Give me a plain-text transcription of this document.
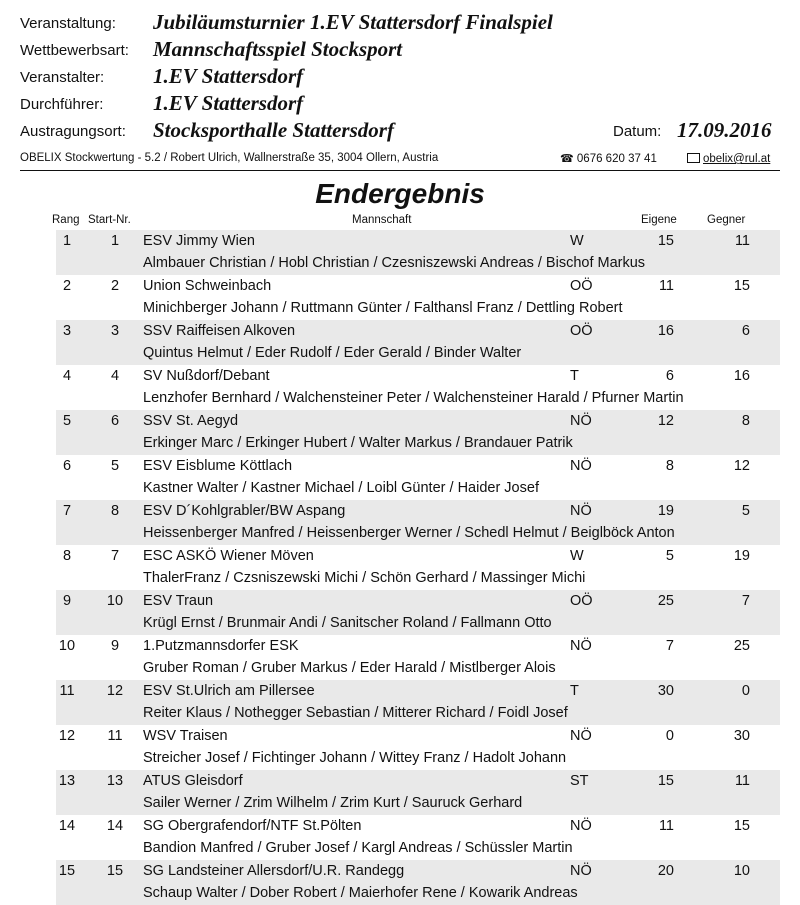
Veranstaltung: Jubiläumsturnier 1.EV Stattersdorf Finalspiel
Wettbewerbsart: Mannschaftsspiel Stocksport
Veranstalter: 1.EV Stattersdorf
Durchführer: 1.EV Stattersdorf
Austragungsort: Stocksporthalle Stattersdorf	Datum: 17.09.2016
OBELIX Stockwertung - 5.2 / Robert Ulrich, Wallnerstraße 35, 3004 Ollern, Austria	☎ 0676 620 37 41	obelix@rul.at
Endergebnis
Rang Start-Nr.	Mannschaft	Eigene	Gegner
1	1	ESV Jimmy Wien	W	15	11
Almbauer Christian / Hobl Christian / Czesniszewski Andreas / Bischof Markus
2	2	Union Schweinbach	OÖ	11	15
Minichberger Johann / Ruttmann Günter / Falthansl Franz / Dettling Robert
3	3	SSV Raiffeisen Alkoven	OÖ	16	6
Quintus Helmut / Eder Rudolf / Eder Gerald / Binder Walter
4	4	SV Nußdorf/Debant	T	6	16
Lenzhofer Bernhard / Walchensteiner Peter / Walchensteiner Harald / Pfurner Martin
5	6	SSV St. Aegyd	NÖ	12	8
Erkinger Marc / Erkinger Hubert / Walter Markus / Brandauer Patrik
6	5	ESV Eisblume Köttlach	NÖ	8	12
Kastner Walter / Kastner Michael / Loibl Günter / Haider Josef
7	8	ESV D´Kohlgrabler/BW Aspang	NÖ	19	5
Heissenberger Manfred / Heissenberger Werner / Schedl Helmut / Beiglböck Anton
8	7	ESC ASKÖ Wiener Möven	W	5	19
ThalerFranz / Czsniszewski Michi / Schön Gerhard / Massinger Michi
9	10	ESV Traun	OÖ	25	7
Krügl Ernst / Brunmair Andi / Sanitscher Roland / Fallmann Otto
10	9	1.Putzmannsdorfer ESK	NÖ	7	25
Gruber Roman / Gruber Markus / Eder Harald / Mistlberger Alois
11	12	ESV St.Ulrich am Pillersee	T	30	0
Reiter Klaus / Nothegger Sebastian / Mitterer Richard / Foidl Josef
12	11	WSV Traisen	NÖ	0	30
Streicher Josef / Fichtinger Johann / Wittey Franz / Hadolt Johann
13	13	ATUS Gleisdorf	ST	15	11
Sailer Werner / Zrim Wilhelm / Zrim Kurt / Sauruck Gerhard
14	14	SG Obergrafendorf/NTF St.Pölten	NÖ	11	15
Bandion Manfred / Gruber Josef / Kargl Andreas / Schüssler Martin
15	15	SG Landsteiner Allersdorf/U.R. Randegg	NÖ	20	10
Schaup Walter / Dober Robert / Maierhofer Rene / Kowarik Andreas
